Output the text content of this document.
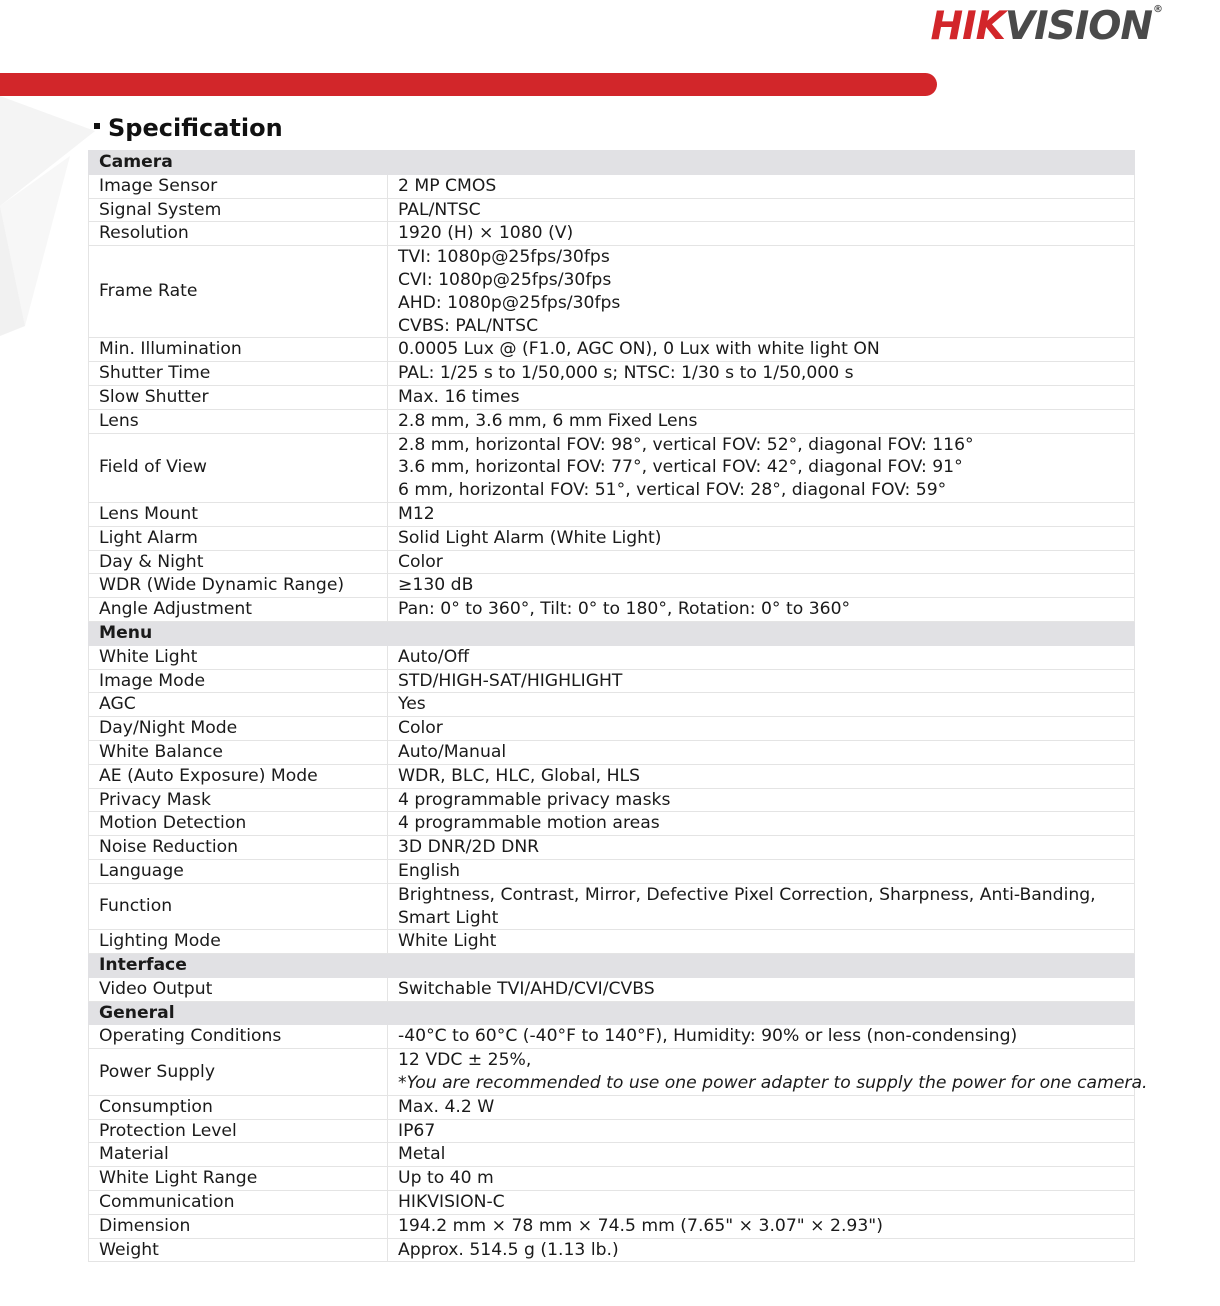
HIKVISION®
Specification
Camera	
Image Sensor	2 MP CMOS

Signal System	PAL/NTSC

Resolution	1920 (H) × 1080 (V)

Frame Rate	TVI: 1080p@25fps/30fps
CVI: 1080p@25fps/30fps
AHD: 1080p@25fps/30fps
CVBS: PAL/NTSC

Min. Illumination	0.0005 Lux @ (F1.0, AGC ON), 0 Lux with white light ON

Shutter Time	PAL: 1/25 s to 1/50,000 s; NTSC: 1/30 s to 1/50,000 s

Slow Shutter	Max. 16 times

Lens	2.8 mm, 3.6 mm, 6 mm Fixed Lens

Field of View	2.8 mm, horizontal FOV: 98°, vertical FOV: 52°, diagonal FOV: 116°
3.6 mm, horizontal FOV: 77°, vertical FOV: 42°, diagonal FOV: 91°
6 mm, horizontal FOV: 51°, vertical FOV: 28°, diagonal FOV: 59°

Lens Mount	M12

Light Alarm	Solid Light Alarm (White Light)

Day & Night	Color

WDR (Wide Dynamic Range)	≥130 dB

Angle Adjustment	Pan: 0° to 360°, Tilt: 0° to 180°, Rotation: 0° to 360°

Menu	
White Light	Auto/Off

Image Mode	STD/HIGH-SAT/HIGHLIGHT

AGC	Yes

Day/Night Mode	Color

White Balance	Auto/Manual

AE (Auto Exposure) Mode	WDR, BLC, HLC, Global, HLS

Privacy Mask	4 programmable privacy masks

Motion Detection	4 programmable motion areas

Noise Reduction	3D DNR/2D DNR

Language	English

Function	Brightness, Contrast, Mirror, Defective Pixel Correction, Sharpness, Anti-Banding,
Smart Light

Lighting Mode	White Light

Interface	
Video Output	Switchable TVI/AHD/CVI/CVBS

General	
Operating Conditions	-40°C to 60°C (-40°F to 140°F), Humidity: 90% or less (non-condensing)

Power Supply	12 VDC ± 25%,
*You are recommended to use one power adapter to supply the power for one camera.

Consumption	Max. 4.2 W

Protection Level	IP67

Material	Metal

White Light Range	Up to 40 m

Communication	HIKVISION-C

Dimension	194.2 mm × 78 mm × 74.5 mm (7.65" × 3.07" × 2.93")

Weight	Approx. 514.5 g (1.13 lb.)
